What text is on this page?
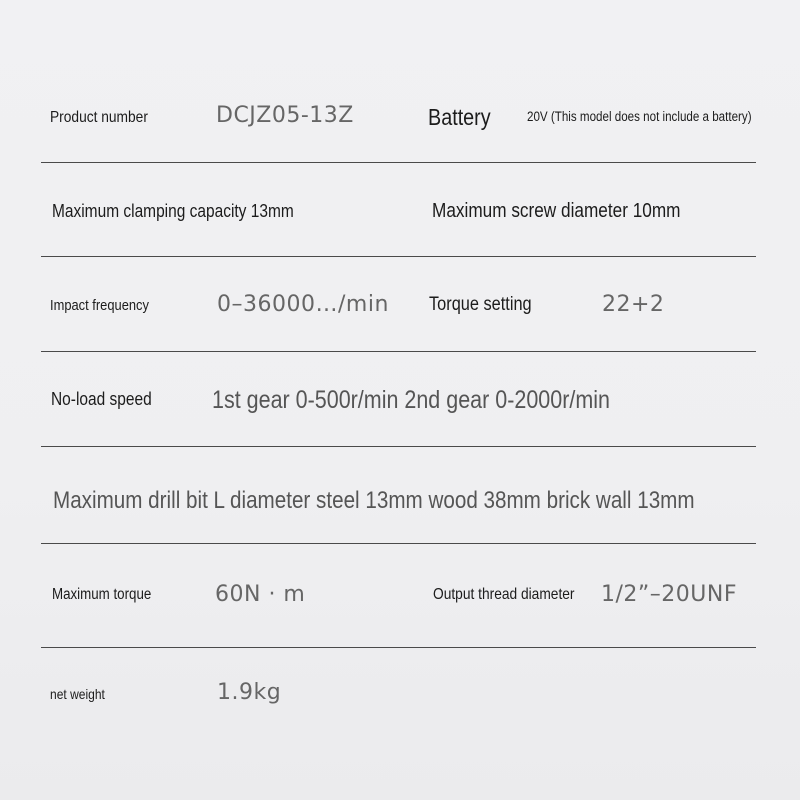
Product number	DCJZ05-13Z	Battery	20V (This model does not include a battery)
Maximum clamping capacity 13mm	Maximum screw diameter 10mm
Impact frequency	0–36000…/min Torque setting	22+2
No-load speed 1st gear 0-500r/min 2nd gear 0-2000r/min
Maximum drill bit L diameter steel 13mm wood 38mm brick wall 13mm
Maximum torque	60N · m	Output thread diameter 1/2”–20UNF
net weight	1.9kg
